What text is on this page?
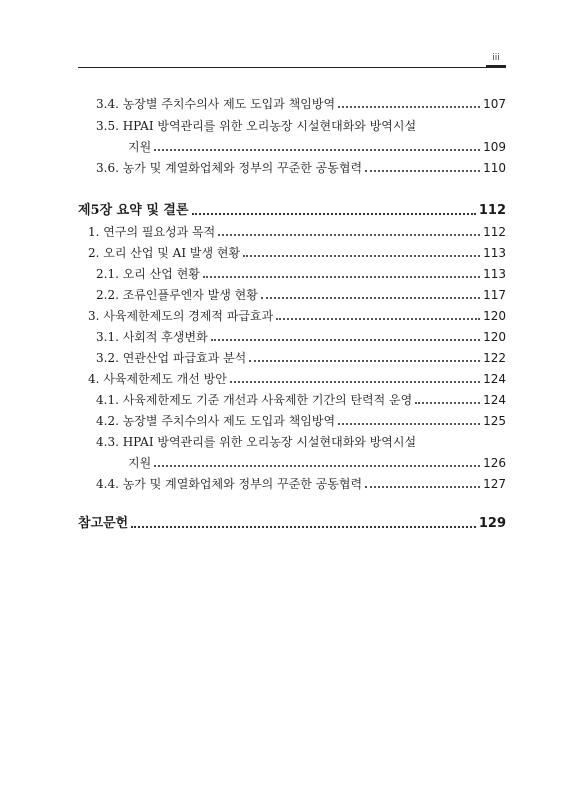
iii
3.4. 농장별 주치수의사 제도 도입과 책임방역	107
3.5. HPAI 방역관리를 위한 오리농장 시설현대화와 방역시설
지원	109
3.6. 농가 및 계열화업체와 정부의 꾸준한 공동협력	110
제5장 요약 및 결론	112
1. 연구의 필요성과 목적	112
2. 오리 산업 및 AI 발생 현황	113
2.1. 오리 산업 현황	113
2.2. 조류인플루엔자 발생 현황	117
3. 사육제한제도의 경제적 파급효과	120
3.1. 사회적 후생변화	120
3.2. 연관산업 파급효과 분석	122
4. 사육제한제도 개선 방안	124
4.1. 사육제한제도 기준 개선과 사육제한 기간의 탄력적 운영	124
4.2. 농장별 주치수의사 제도 도입과 책임방역	125
4.3. HPAI 방역관리를 위한 오리농장 시설현대화와 방역시설
지원	126
4.4. 농가 및 계열화업체와 정부의 꾸준한 공동협력	127
참고문헌	129
